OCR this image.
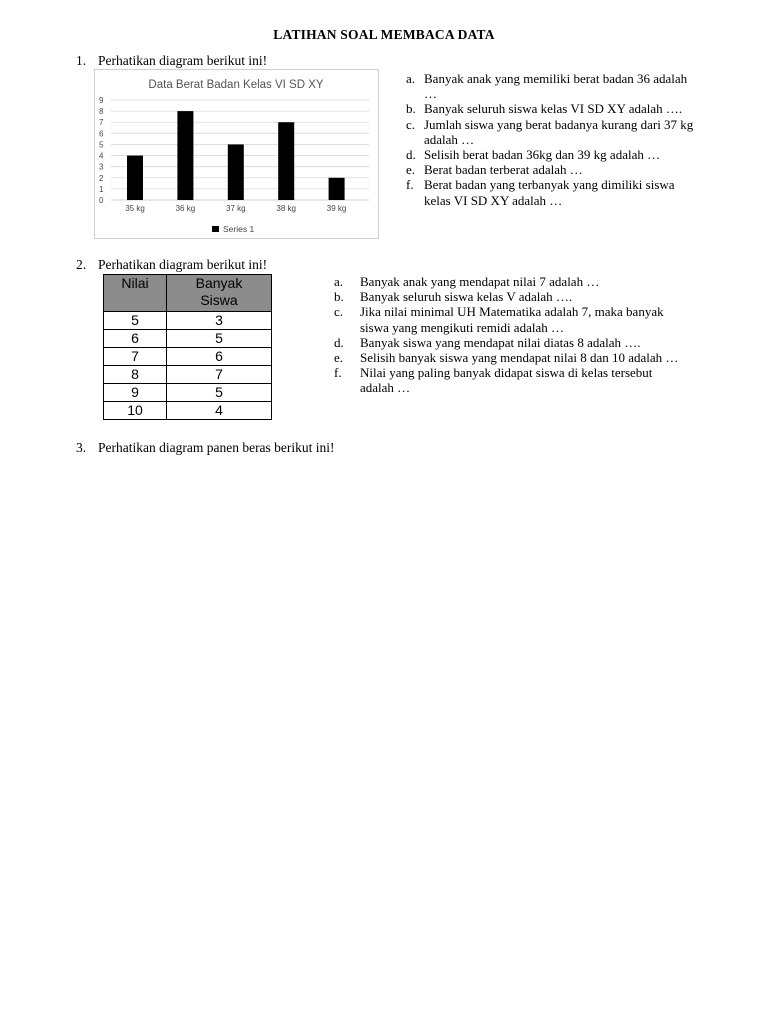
LATIHAN SOAL MEMBACA DATA
1. Perhatikan diagram berikut ini!
Data Berat Badan Kelas VI SD XY
0
1
2
3
4
5
6
7
8
9
35 kg	36 kg	37 kg	38 kg	39 kg
Series 1
a. Banyak anak yang memiliki berat badan 36 adalah …
b. Banyak seluruh siswa kelas VI SD XY adalah ….
c. Jumlah siswa yang berat badanya kurang dari 37 kg adalah …
d. Selisih berat badan 36kg dan 39 kg adalah …
e. Berat badan terberat adalah …
f. Berat badan yang terbanyak yang dimiliki siswa kelas VI SD XY adalah …
2. Perhatikan diagram berikut ini!
Nilai	Banyak
Siswa
5	3
6	5
7	6
8	7
9	5
10	4
a.	Banyak anak yang mendapat nilai 7 adalah …
b.	Banyak seluruh siswa kelas V adalah ….
c.	Jika nilai minimal UH Matematika adalah 7, maka banyak siswa yang mengikuti remidi adalah …
d.	Banyak siswa yang mendapat nilai diatas 8 adalah ….
e.	Selisih banyak siswa yang mendapat nilai 8 dan 10 adalah …
f.	Nilai yang paling banyak didapat siswa di kelas tersebut adalah …
3. Perhatikan diagram panen beras berikut ini!
